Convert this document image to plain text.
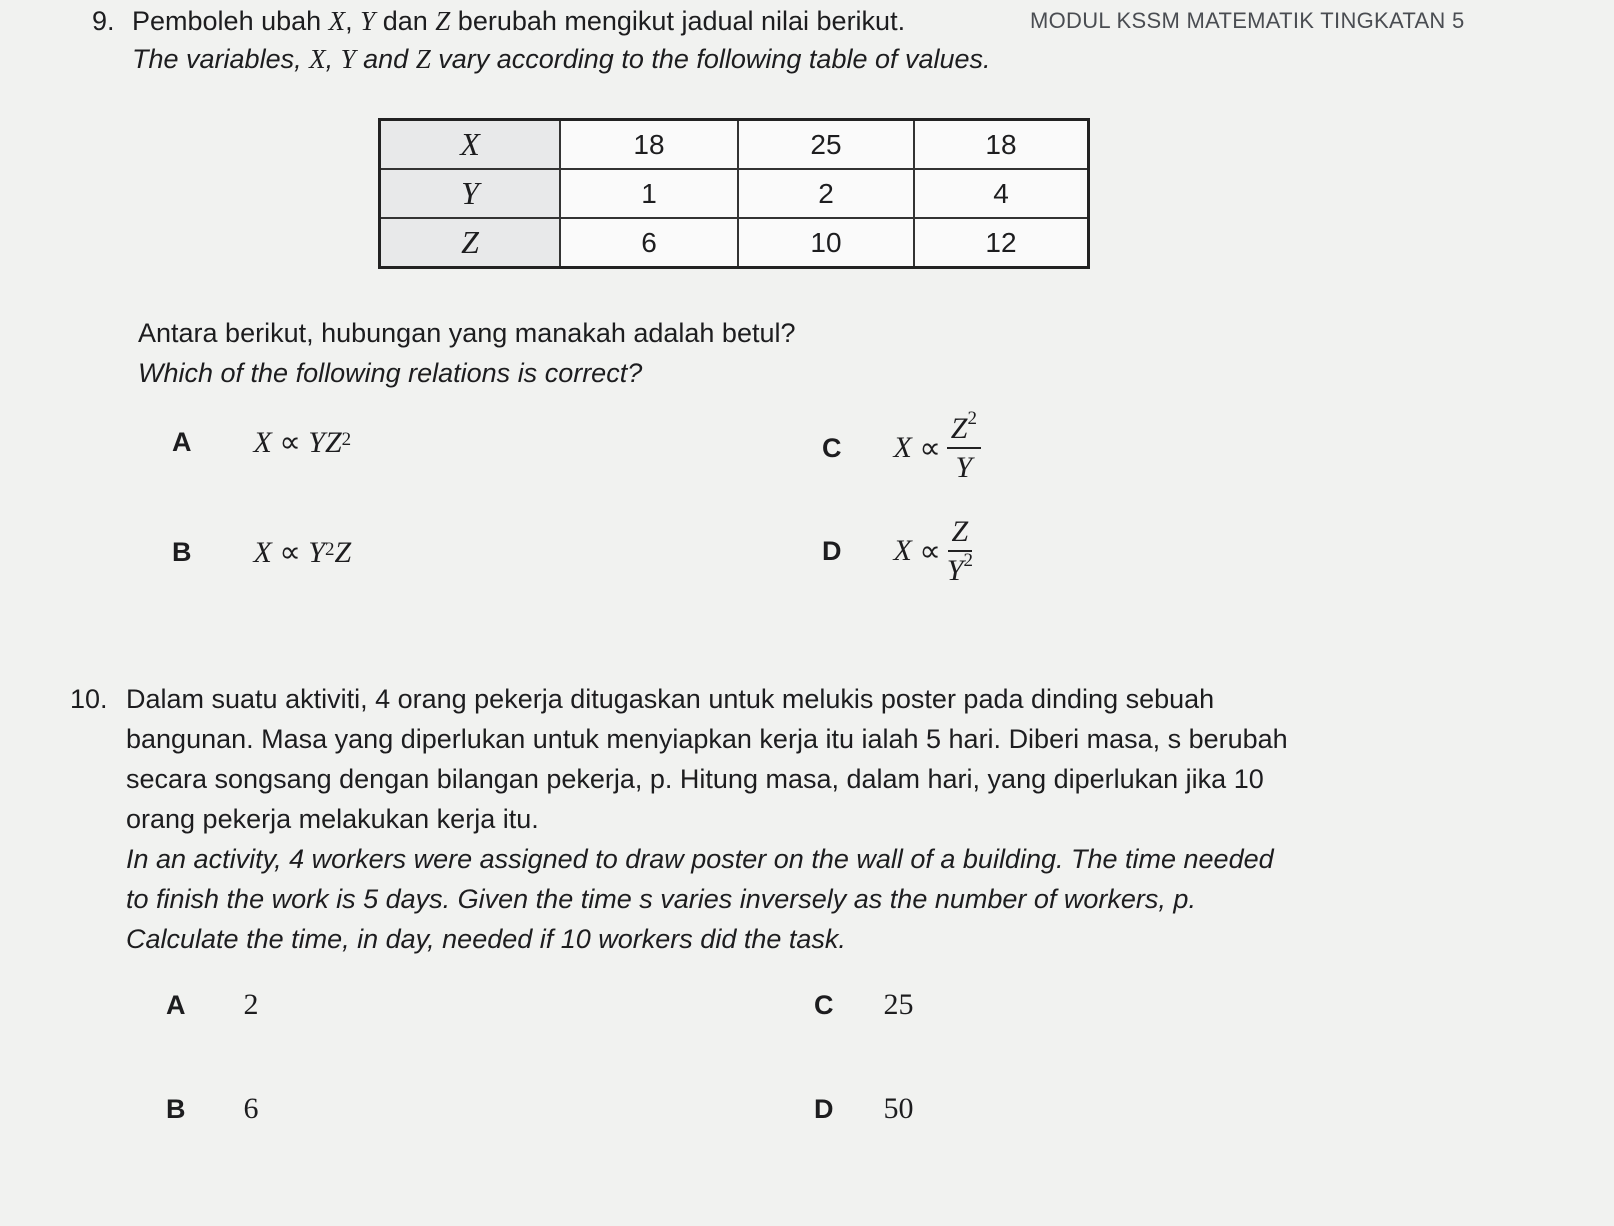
MODUL KSSM MATEMATIK TINGKATAN 5
9. Pemboleh ubah X, Y dan Z berubah mengikut jadual nilai berikut.
The variables, X, Y and Z vary according to the following table of values.
X	18	25	18
Y	1	2	4
Z	6	10	12
Antara berikut, hubungan yang manakah adalah betul?
Which of the following relations is correct?
A X
∝
Y $Z^2$
B X
∝
$Y^2$ Z
C X
∝ $\frac{Z^2}{Y}$
D X
∝ $\frac{Z}{Y^2}$
10. Dalam suatu aktiviti, 4 orang pekerja ditugaskan untuk melukis poster pada dinding sebuah
bangunan. Masa yang diperlukan untuk menyiapkan kerja itu ialah 5 hari. Diberi masa, s berubah
secara songsang dengan bilangan pekerja, p. Hitung masa, dalam hari, yang diperlukan jika 10
orang pekerja melakukan kerja itu.
In an activity, 4 workers were assigned to draw poster on the wall of a building. The time needed
to finish the work is 5 days. Given the time s varies inversely as the number of workers, p.
Calculate the time, in day, needed if 10 workers did the task.
A 2
B 6
C 25
D 50
